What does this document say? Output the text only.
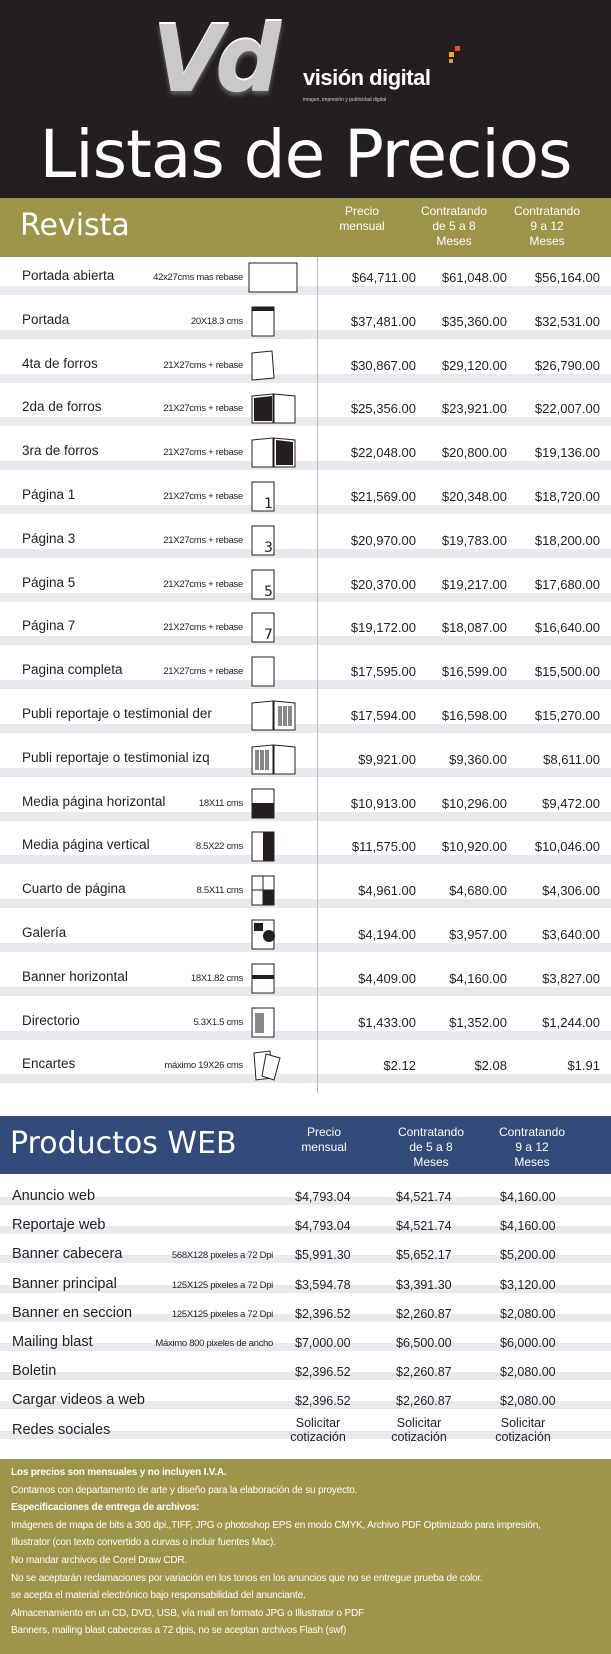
Vd visión digital
imagen, impresión y publicidad digital
Listas de Precios
Revista	Precio
mensual
Contratando
de 5 a 8
Meses
Contratando
9 a 12
Meses
Portada abierta	42x27cms mas rebase	$64,711.00	$61,048.00	$56,164.00
Portada	20X18.3 cms	$37,481.00	$35,360.00	$32,531.00
4ta de forros	21X27cms + rebase	$30,867.00	$29,120.00	$26,790.00
2da de forros	21X27cms + rebase	$25,356.00	$23,921.00	$22,007.00
3ra de forros	21X27cms + rebase	$22,048.00	$20,800.00	$19,136.00
Página 1	21X27cms + rebase 1	$21,569.00	$20,348.00	$18,720.00
Página 3	21X27cms + rebase 3	$20,970.00	$19,783.00	$18,200.00
Página 5	21X27cms + rebase 5	$20,370.00	$19,217.00	$17,680.00
Página 7	21X27cms + rebase 7	$19,172.00	$18,087.00	$16,640.00
Pagina completa	21X27cms + rebase	$17,595.00	$16,599.00	$15,500.00
Publi reportaje o testimonial der	$17,594.00	$16,598.00	$15,270.00
Publi reportaje o testimonial izq	$9,921.00	$9,360.00	$8,611.00
Media página horizontal	18X11 cms	$10,913.00	$10,296.00	$9,472.00
Media página vertical	8.5X22 cms	$11,575.00	$10,920.00	$10,046.00
Cuarto de página	8.5X11 cms	$4,961.00	$4,680.00	$4,306.00
Galería	$4,194.00	$3,957.00	$3,640.00
Banner horizontal	18X1.82 cms	$4,409.00	$4,160.00	$3,827.00
Directorio	5.3X1.5 cms	$1,433.00	$1,352.00	$1,244.00
Encartes	máximo 19X26 cms	$2.12	$2.08	$1.91
Productos WEB	Precio
mensual
Contratando
de 5 a 8
Meses
Contratando
9 a 12
Meses
Anuncio web	$4,793.04	$4,521.74	$4,160.00
Reportaje web	$4,793.04	$4,521.74	$4,160.00
Banner cabecera	568X128 pixeles a 72 Dpi $5,991.30	$5,652.17	$5,200.00
Banner principal	125X125 pixeles a 72 Dpi $3,594.78	$3,391.30	$3,120.00
Banner en seccion	125X125 pixeles a 72 Dpi $2,396.52	$2,260.87	$2,080.00
Mailing blast	Máximo 800 pixeles de ancho $7,000.00	$6,500.00	$6,000.00
Boletin	$2,396.52	$2,260.87	$2,080.00
Cargar videos a web	$2,396.52	$2,260.87	$2,080.00
Redes sociales	Solicitar
cotización
Solicitar
cotización
Solicitar
cotización
Los precios son mensuales y no incluyen I.V.A.
Contamos con departamento de arte y diseño para la elaboración de su proyecto.
Especificaciones de entrega de archivos:
Imágenes de mapa de bits a 300 dpi.,TIFF, JPG o photoshop EPS en modo CMYK, Archivo PDF Optimizado para impresión,
Illustrator (con texto convertido a curvas o incluir fuentes Mac).
No mandar archivos de Corel Draw CDR.
No se aceptarán reclamaciones por variación en los tonos en los anuncios que no se entregue prueba de color.
se acepta el material electrónico bajo responsabilidad del anunciante.
Almacenamiento en un CD, DVD, USB, vía mail en formato JPG o Illustrator o PDF
Banners, mailing blast cabeceras a 72 dpis, no se aceptan archivos Flash (swf)
